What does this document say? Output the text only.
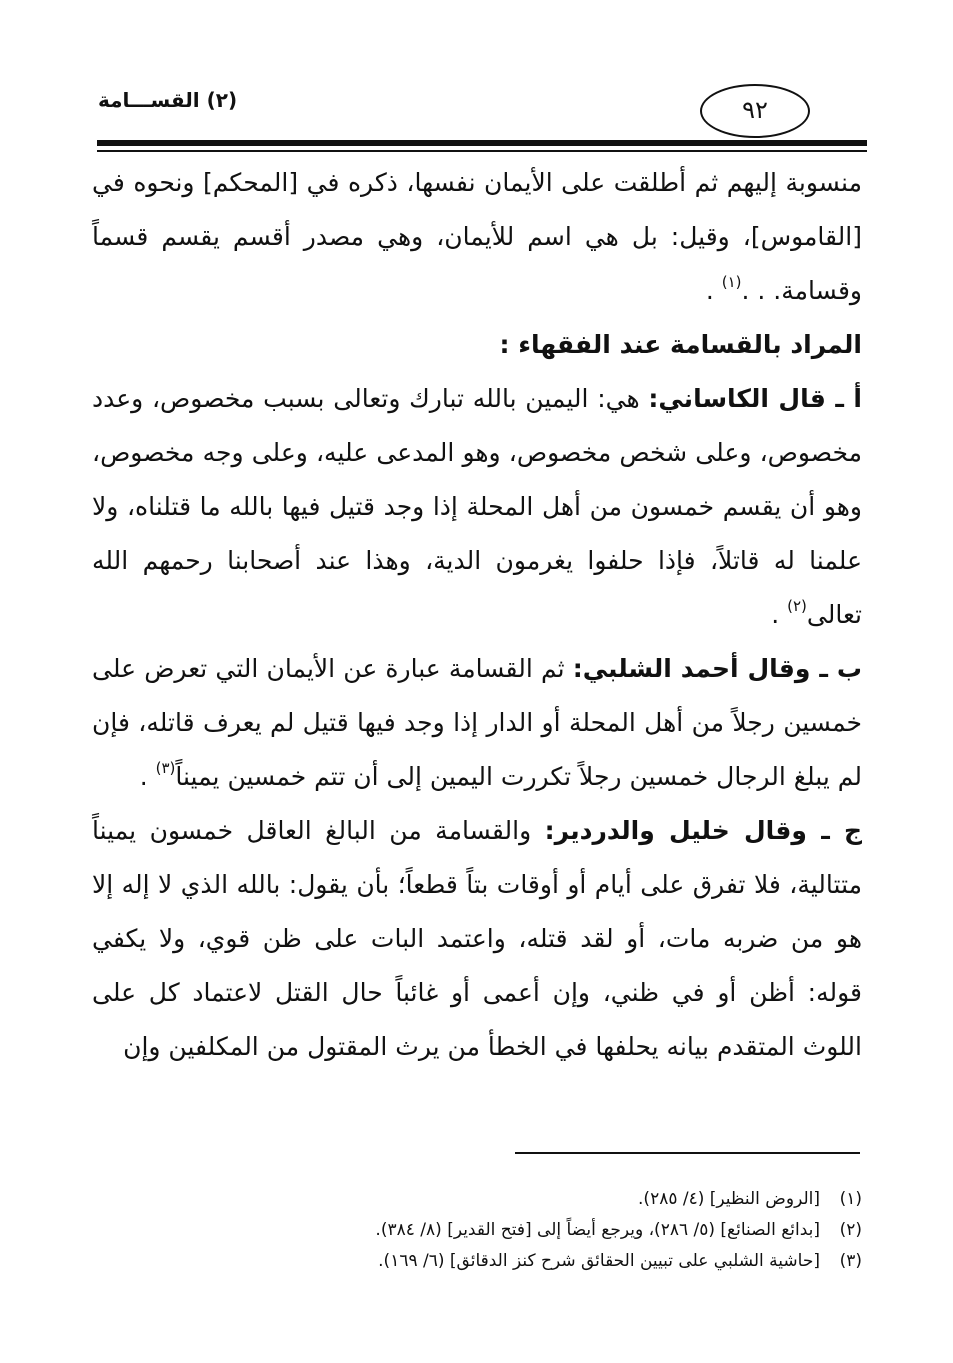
(٢) القســـامة	٩٢

منسوبة إليهم ثم أطلقت على الأيمان نفسها، ذكره في [المحكم] ونحوه في [القاموس]، وقيل: بل هي اسم للأيمان، وهي مصدر أقسم يقسم قسماً وقسامة. . .$^{(١)}$ .

المراد بالقسامة عند الفقهاء :

أ ـ قال الكاساني: هي: اليمين بالله تبارك وتعالى بسبب مخصوص، وعدد مخصوص، وعلى شخص مخصوص، وهو المدعى عليه، وعلى وجه مخصوص، وهو أن يقسم خمسون من أهل المحلة إذا وجد قتيل فيها بالله ما قتلناه، ولا علمنا له قاتلاً، فإذا حلفوا يغرمون الدية، وهذا عند أصحابنا رحمهم الله تعالى$^{(٢)}$ .

ب ـ وقال أحمد الشلبي: ثم القسامة عبارة عن الأيمان التي تعرض على خمسين رجلاً من أهل المحلة أو الدار إذا وجد فيها قتيل لم يعرف قاتله، فإن لم يبلغ الرجال خمسين رجلاً تكررت اليمين إلى أن تتم خمسين يميناً$^{(٣)}$ .

ج ـ وقال خليل والدردير: والقسامة من البالغ العاقل خمسون يميناً متتالية، فلا تفرق على أيام أو أوقات بتاً قطعاً؛ بأن يقول: بالله الذي لا إله إلا هو من ضربه مات، أو لقد قتله، واعتمد البات على ظن قوي، ولا يكفي قوله: أظن أو في ظني، وإن أعمى أو غائباً حال القتل لاعتماد كل على اللوث المتقدم بيانه يحلفها في الخطأ من يرث المقتول من المكلفين وإن

(١)[الروض النظير] (٤/ ٢٨٥).
(٢)[بدائع الصنائع] (٥/ ٢٨٦)، ويرجع أيضاً إلى [فتح القدير] (٨/ ٣٨٤).
(٣)[حاشية الشلبي على تبيين الحقائق شرح كنز الدقائق] (٦/ ١٦٩).
